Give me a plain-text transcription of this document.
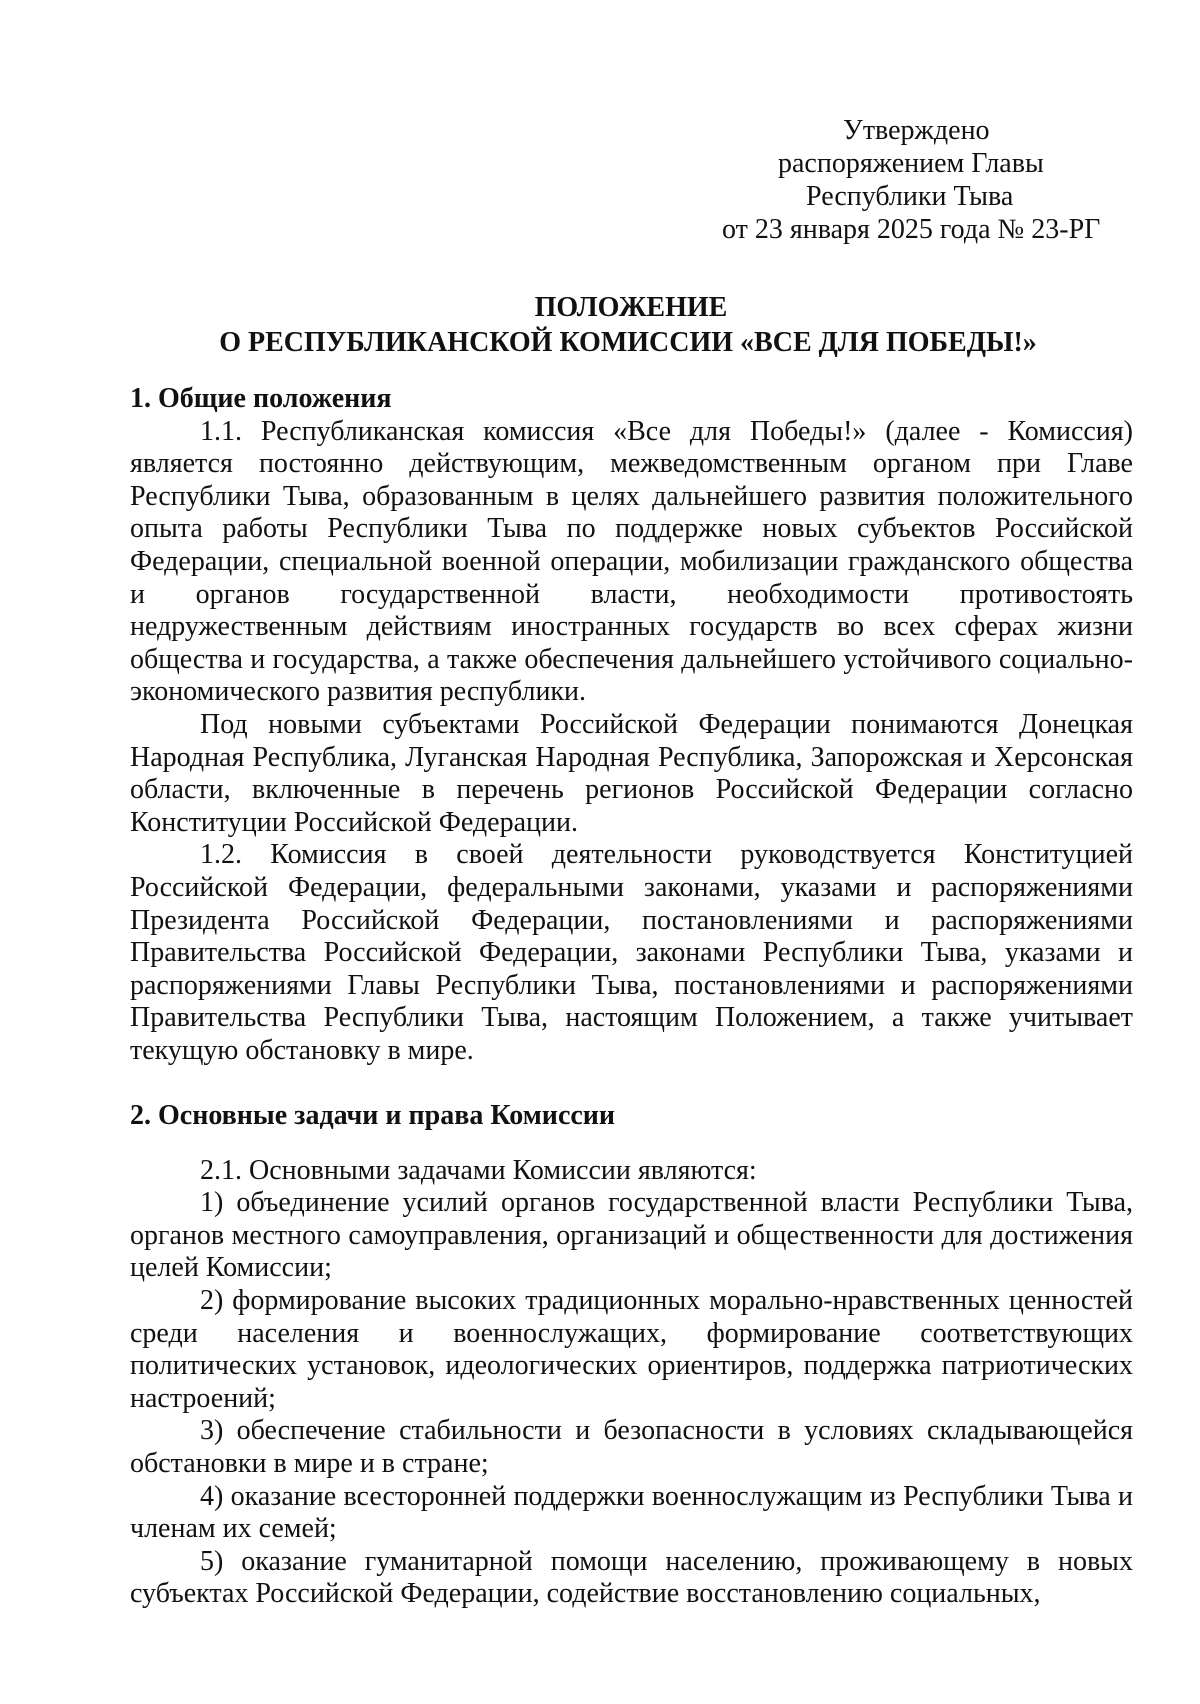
Утверждено
распоряжением Главы
Республики Тыва
от 23 января 2025 года № 23-РГ
ПОЛОЖЕНИЕ
О РЕСПУБЛИКАНСКОЙ КОМИССИИ «ВСЕ ДЛЯ ПОБЕДЫ!»

1. Общие положения

1.1. Республиканская комиссия «Все для Победы!» (далее - Комиссия) является постоянно действующим, межведомственным органом при Главе Республики Тыва, образованным в целях дальнейшего развития положительного опыта работы Республики Тыва по поддержке новых субъектов Российской Федерации, специальной военной операции, мобилизации гражданского общества и органов государственной власти, необходимости противостоять недружественным действиям иностранных государств во всех сферах жизни общества и государства, а также обеспечения дальнейшего устойчивого социально-экономического развития республики.

Под новыми субъектами Российской Федерации понимаются Донецкая Народная Республика, Луганская Народная Республика, Запорожская и Херсонская области, включенные в перечень регионов Российской Федерации согласно Конституции Российской Федерации.

1.2. Комиссия в своей деятельности руководствуется Конституцией Российской Федерации, федеральными законами, указами и распоряжениями Президента Российской Федерации, постановлениями и распоряжениями Правительства Российской Федерации, законами Республики Тыва, указами и распоряжениями Главы Республики Тыва, постановлениями и распоряжениями Правительства Республики Тыва, настоящим Положением, а также учитывает текущую обстановку в мире.

2. Основные задачи и права Комиссии

2.1. Основными задачами Комиссии являются:

1) объединение усилий органов государственной власти Республики Тыва, органов местного самоуправления, организаций и общественности для достижения целей Комиссии;

2) формирование высоких традиционных морально-нравственных ценностей среди населения и военнослужащих, формирование соответствующих политических установок, идеологических ориентиров, поддержка патриотических настроений;

3) обеспечение стабильности и безопасности в условиях складывающейся обстановки в мире и в стране;

4) оказание всесторонней поддержки военнослужащим из Республики Тыва и членам их семей;

5) оказание гуманитарной помощи населению, проживающему в новых субъектах Российской Федерации, содействие восстановлению социальных,
